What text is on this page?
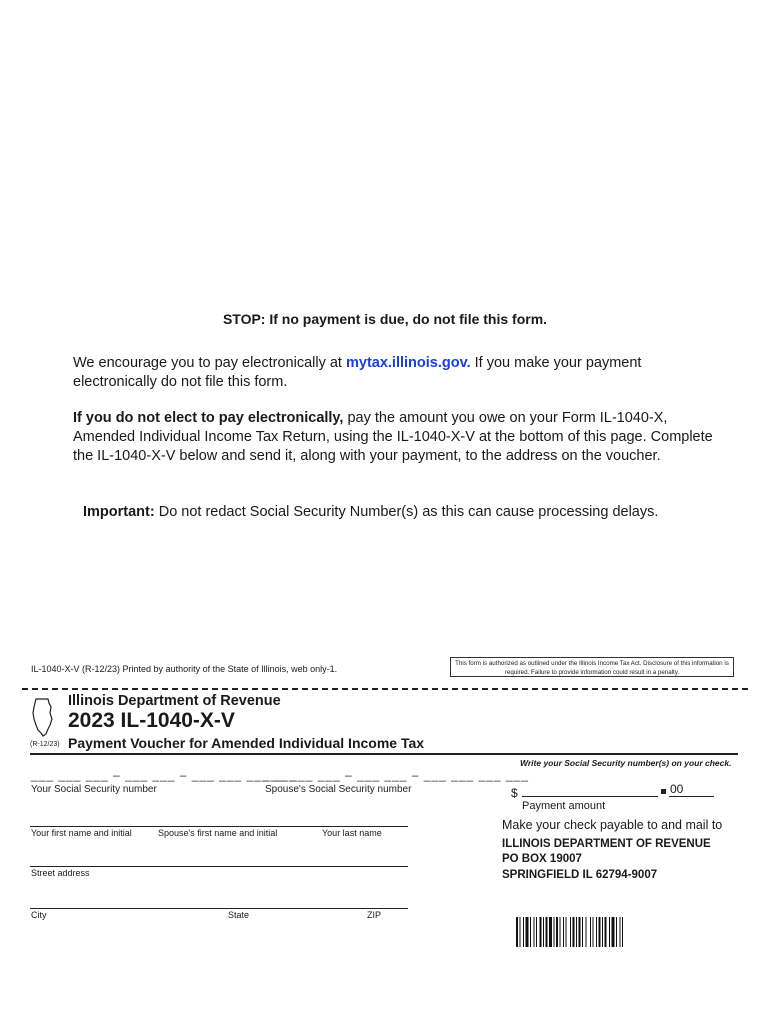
STOP: If no payment is due, do not file this form.
We encourage you to pay electronically at mytax.illinois.gov. If you make your payment electronically do not file this form.
If you do not elect to pay electronically, pay the amount you owe on your Form IL-1040-X, Amended Individual Income Tax Return, using the IL-1040-X-V at the bottom of this page. Complete the IL-1040-X-V below and send it, along with your payment, to the address on the voucher.
Important: Do not redact Social Security Number(s) as this can cause processing delays.
IL-1040-X-V (R-12/23) Printed by authority of the State of Illinois, web only-1.
This form is authorized as outlined under the Illinois Income Tax Act. Disclosure of this information is required. Failure to provide information could result in a penalty.
Illinois Department of Revenue
2023 IL-1040-X-V
(R-12/23) Payment Voucher for Amended Individual Income Tax
Write your Social Security number(s) on your check.
___ ___ ___ – ___ ___ – ___ ___ ___ ___
___ ___ ___ – ___ ___ – ___ ___ ___ ___
Your Social Security number	Spouse's Social Security number	$	00
Payment amount
Your first name and initial	Spouse's first name and initial	Your last name
Street address
City	State	ZIP
Make your check payable to and mail to
ILLINOIS DEPARTMENT OF REVENUE
PO BOX 19007
SPRINGFIELD IL 62794-9007
